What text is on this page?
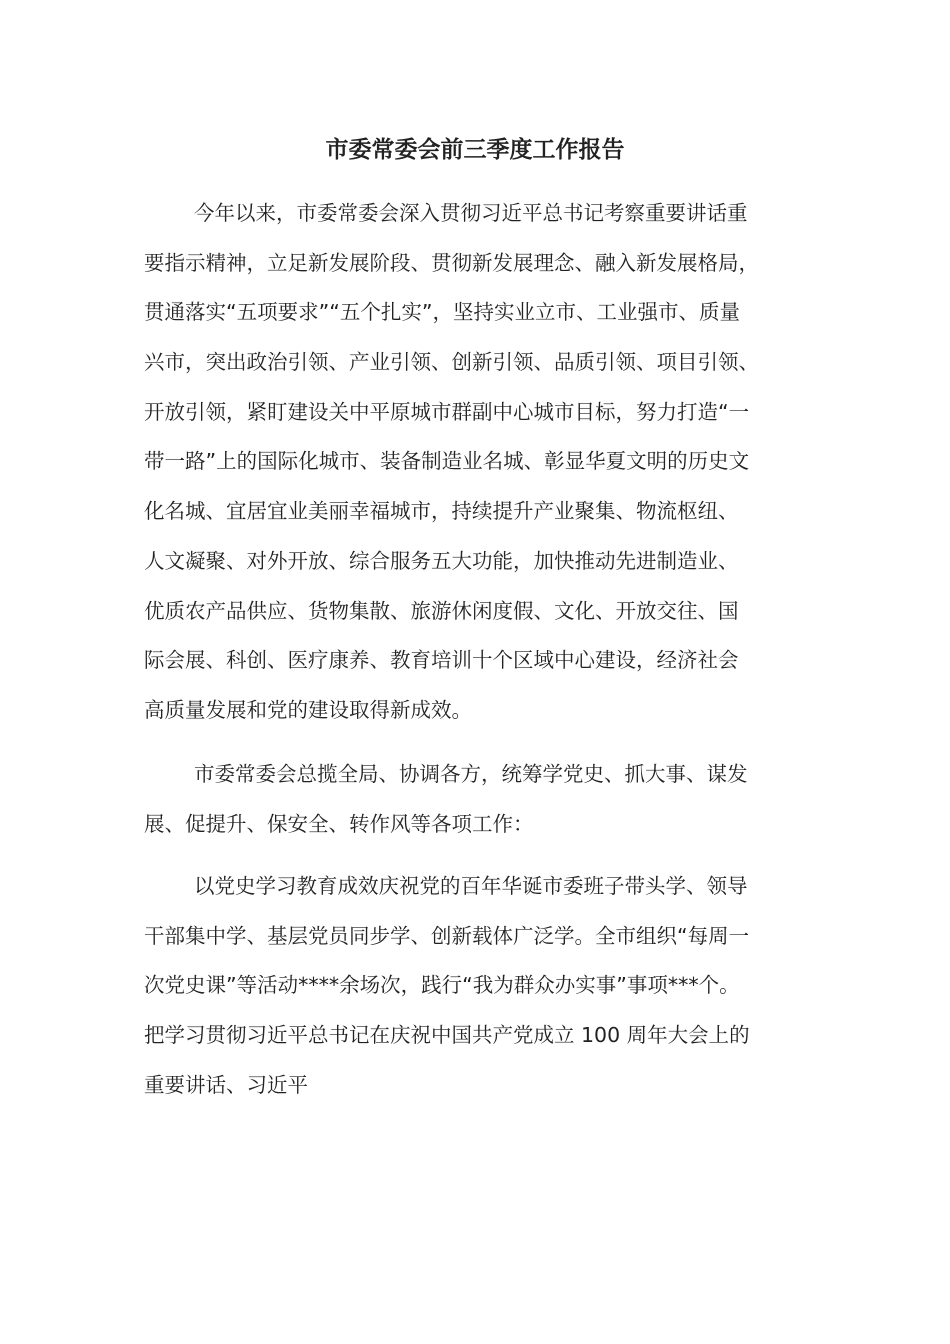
市委常委会前三季度工作报告
今年以来，市委常委会深入贯彻习近平总书记考察重要讲话重
要指示精神，立足新发展阶段、贯彻新发展理念、融入新发展格局，
贯通落实“五项要求”“五个扎实”，坚持实业立市、工业强市、质量
兴市，突出政治引领、产业引领、创新引领、品质引领、项目引领、
开放引领，紧盯建设关中平原城市群副中心城市目标，努力打造“一
带一路”上的国际化城市、装备制造业名城、彰显华夏文明的历史文
化名城、宜居宜业美丽幸福城市，持续提升产业聚集、物流枢纽、
人文凝聚、对外开放、综合服务五大功能，加快推动先进制造业、
优质农产品供应、货物集散、旅游休闲度假、文化、开放交往、国
际会展、科创、医疗康养、教育培训十个区域中心建设，经济社会
高质量发展和党的建设取得新成效。
市委常委会总揽全局、协调各方，统筹学党史、抓大事、谋发
展、促提升、保安全、转作风等各项工作：
以党史学习教育成效庆祝党的百年华诞市委班子带头学、领导
干部集中学、基层党员同步学、创新载体广泛学。全市组织“每周一
次党史课”等活动****余场次，践行“我为群众办实事”事项***个。
把学习贯彻习近平总书记在庆祝中国共产党成立 100 周年大会上的
重要讲话、习近平
